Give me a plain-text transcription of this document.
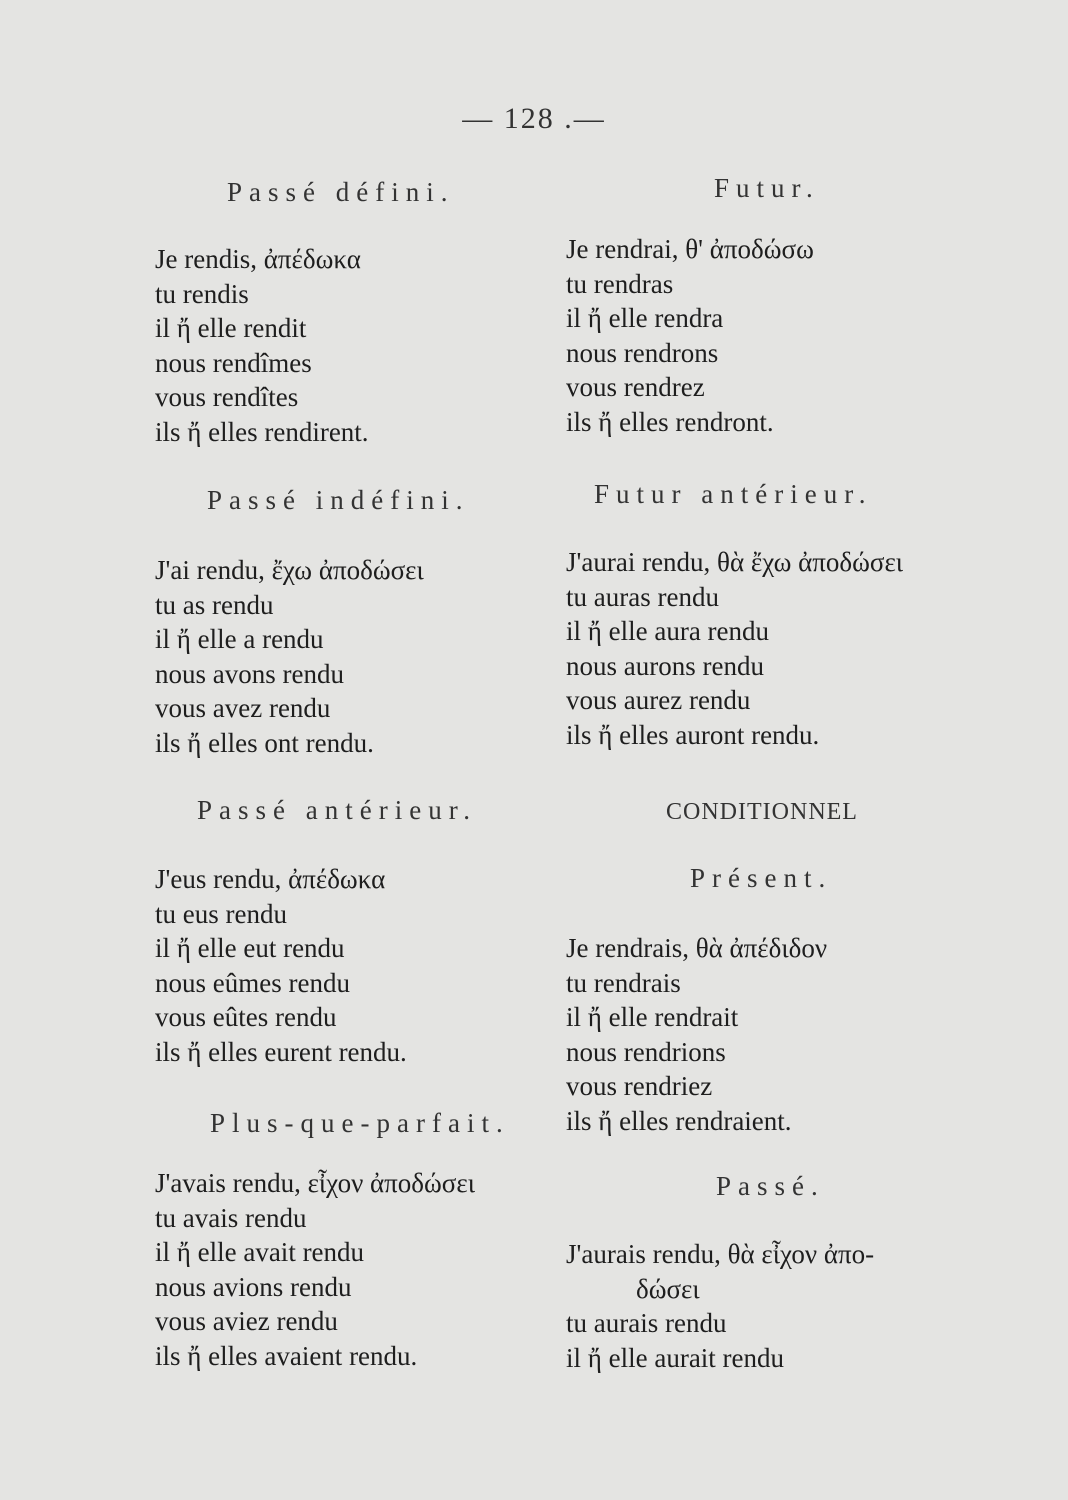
— 128 .—
Passé défini.
Je rendis, ἀπέδωκα
tu rendis
il ἤ elle rendit
nous rendîmes
vous rendîtes
ils ἤ elles rendirent.
Passé indéfini.
J'ai rendu, ἔχω ἀποδώσει
tu as rendu
il ἤ elle a rendu
nous avons rendu
vous avez rendu
ils ἤ elles ont rendu.
Passé antérieur.
J'eus rendu, ἀπέδωκα
tu eus rendu
il ἤ elle eut rendu
nous eûmes rendu
vous eûtes rendu
ils ἤ elles eurent rendu.
Plus-que-parfait.
J'avais rendu, εἶχον ἀποδώσει
tu avais rendu
il ἤ elle avait rendu
nous avions rendu
vous aviez rendu
ils ἤ elles avaient rendu.
Futur.
Je rendrai, θ' ἀποδώσω
tu rendras
il ἤ elle rendra
nous rendrons
vous rendrez
ils ἤ elles rendront.
Futur antérieur.
J'aurai rendu, θὰ ἔχω ἀποδώσει
tu auras rendu
il ἤ elle aura rendu
nous aurons rendu
vous aurez rendu
ils ἤ elles auront rendu.
CONDITIONNEL
Présent.
Je rendrais, θὰ ἀπέδιδον
tu rendrais
il ἤ elle rendrait
nous rendrions
vous rendriez
ils ἤ elles rendraient.
Passé.
J'aurais rendu, θὰ εἶχον ἀπο-
δώσει
tu aurais rendu
il ἤ elle aurait rendu
